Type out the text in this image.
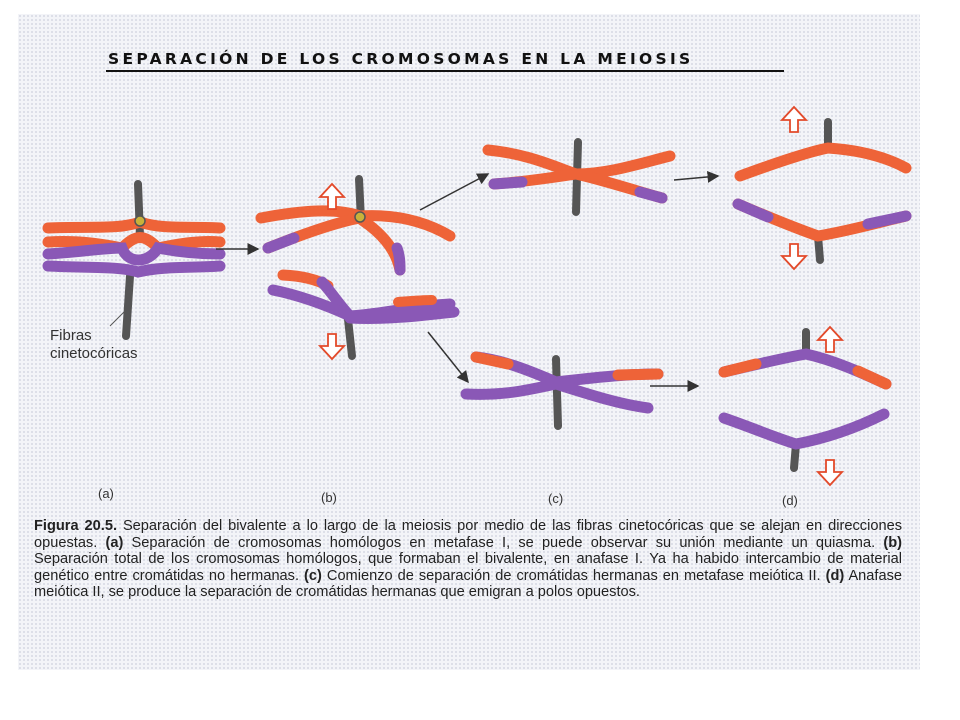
SEPARACIÓN DE LOS CROMOSOMAS EN LA MEIOSIS
Fibras
cinetocóricas
(a)	(b)	(c)	(d)
Figura 20.5. Separación del bivalente a lo largo de la meiosis por medio de las fibras cinetocóricas que se alejan en direcciones opuestas. (a) Separación de cromosomas homólogos en metafase I, se puede observar su unión mediante un quiasma. (b) Separación total de los cromosomas homólogos, que formaban el bivalente, en anafase I. Ya ha habido intercambio de material genético entre cromátidas no hermanas. (c) Comienzo de separación de cromátidas hermanas en metafase meiótica II. (d) Anafase meiótica II, se produce la separación de cromátidas hermanas que emigran a polos opuestos.
